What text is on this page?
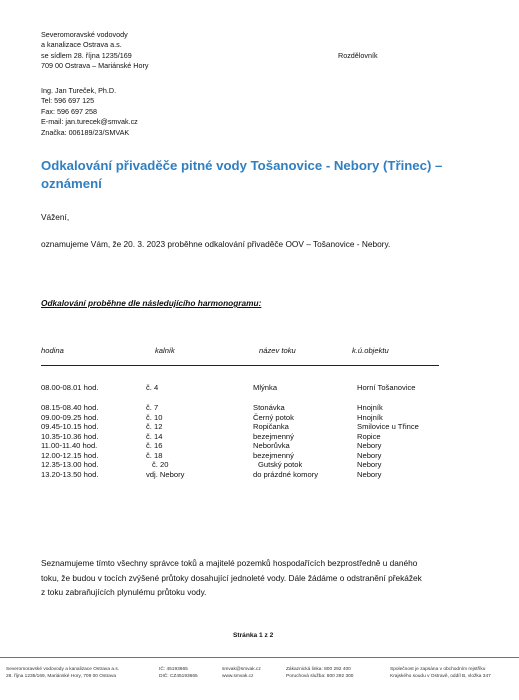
Severomoravské vodovody
a kanalizace Ostrava a.s.
se sídlem 28. října 1235/169
709 00 Ostrava – Mariánské Hory
Rozdělovník
Ing. Jan Tureček, Ph.D.
Tel: 596 697 125
Fax: 596 697 258
E-mail: jan.turecek@smvak.cz
Značka: 006189/23/SMVAK
Odkalování přivaděče pitné vody Tošanovice - Nebory (Třinec) –
oznámení
Vážení,
oznamujeme Vám, že 20. 3. 2023 proběhne odkalování přivaděče OOV – Tošanovice - Nebory.
Odkalování proběhne dle následujícího harmonogramu:
hodina	kalník	název toku	k.ú.objektu
08.00-08.01 hod.	č. 4	Mlýnka	Horní Tošanovice
08.15-08.40 hod.	č. 7	Stonávka	Hnojník
09.00-09.25 hod.	č. 10	Černý potok	Hnojník
09.45-10.15 hod.	č. 12	Ropičanka	Smilovice u Třince
10.35-10.36 hod.	č. 14	bezejmenný	Ropice
11.00-11.40 hod.	č. 16	Neborůvka	Nebory
12.00-12.15 hod.	č. 18	bezejmenný	Nebory
12.35-13.00 hod.	č. 20	Gutský potok	Nebory
13.20-13.50 hod.	vdj. Nebory	do prázdné komory	Nebory
Seznamujeme tímto všechny správce toků a majitelé pozemků hospodařících bezprostředně u daného
toku, že budou v tocích zvýšené průtoky dosahující jednoleté vody. Dále žádáme o odstranění překážek
z toku zabraňujících plynulému průtoku vody.
Stránka 1 z 2
Severomoravské vodovody a kanalizace Ostrava a.s.
28. října 1235/169, Mariánské Hory, 709 00 Ostrava
IČ: 45193665
DIČ: CZ45193665
smvak@smvak.cz
www.smvak.cz
Zákaznická linka: 800 292 400
Poruchová služba: 800 292 300
Společnost je zapsána v obchodním rejstříku
Krajského soudu v Ostravě, oddíl B, vložka 347
